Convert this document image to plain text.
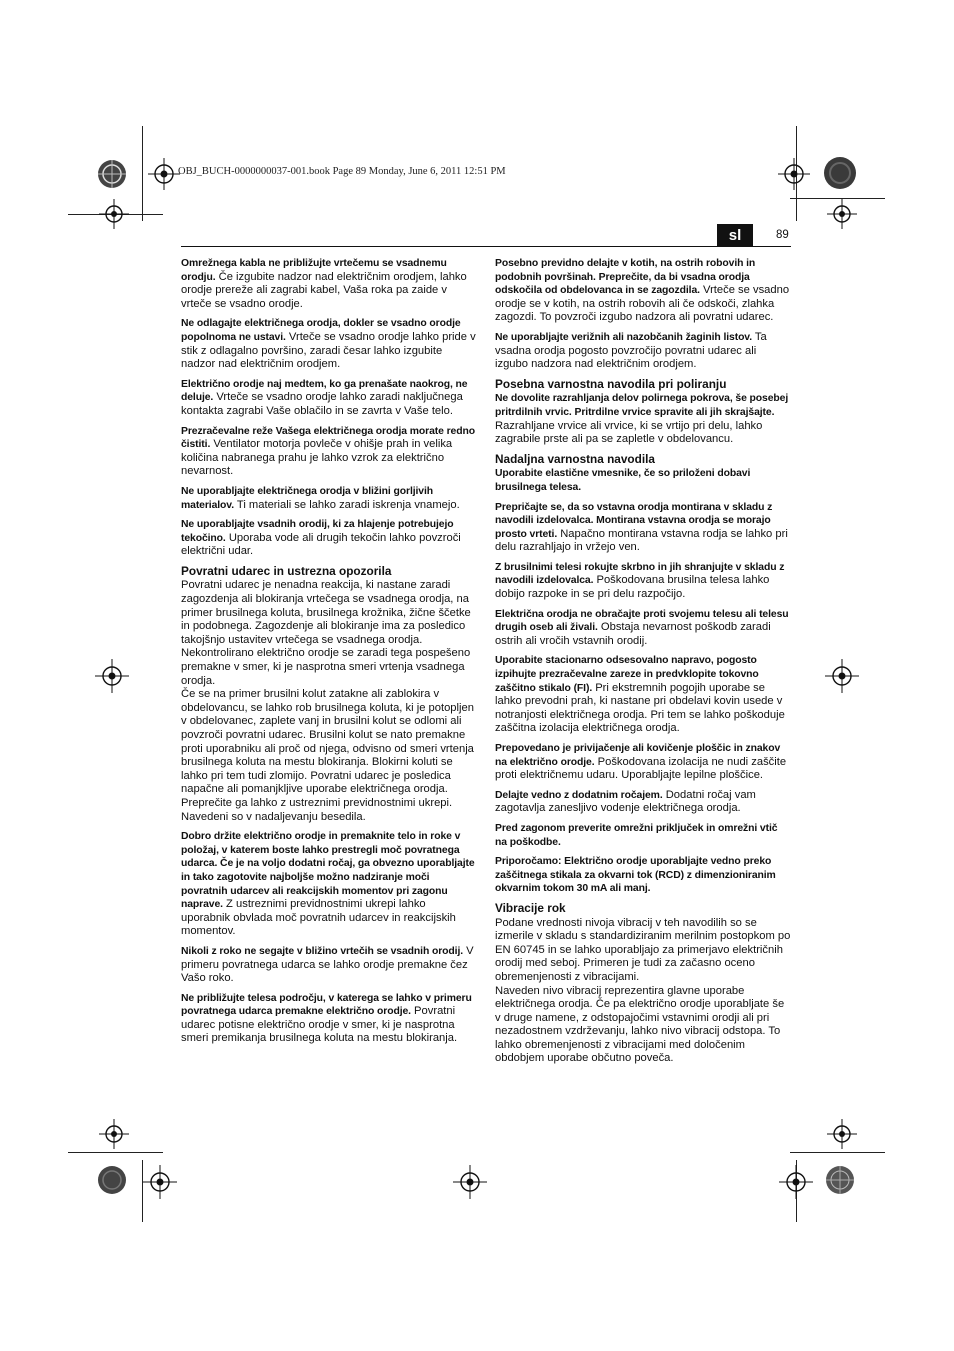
OBJ_BUCH-0000000037-001.book Page 89 Monday, June 6, 2011 12:51 PM
sl	89

Omrežnega kabla ne približujte vrtečemu se vsadnemu orodju. Če izgubite nadzor nad električnim orodjem, lahko orodje prereže ali zagrabi kabel, Vaša roka pa zaide v vrteče se vsadno orodje.

Ne odlagajte električnega orodja, dokler se vsadno orodje popolnoma ne ustavi. Vrteče se vsadno orodje lahko pride v stik z odlagalno površino, zaradi česar lahko izgubite nadzor nad električnim orodjem.

Električno orodje naj medtem, ko ga prenašate naokrog, ne deluje. Vrteče se vsadno orodje lahko zaradi naključnega kontakta zagrabi Vaše oblačilo in se zavrta v Vaše telo.

Prezračevalne reže Vašega električnega orodja morate redno čistiti. Ventilator motorja povleče v ohišje prah in velika količina nabranega prahu je lahko vzrok za električno nevarnost.

Ne uporabljajte električnega orodja v bližini gorljivih materialov. Ti materiali se lahko zaradi iskrenja vnamejo.

Ne uporabljajte vsadnih orodij, ki za hlajenje potrebujejo tekočino. Uporaba vode ali drugih tekočin lahko povzroči električni udar.

Povratni udarec in ustrezna opozorila

Povratni udarec je nenadna reakcija, ki nastane zaradi zagozdenja ali blokiranja vrtečega se vsadnega orodja, na primer brusilnega koluta, brusilnega krožnika, žične ščetke in podobnega. Zagozdenje ali blokiranje ima za posledico takojšnjo ustavitev vrtečega se vsadnega orodja. Nekontrolirano električno orodje se zaradi tega pospešeno premakne v smer, ki je nasprotna smeri vrtenja vsadnega orodja.

Če se na primer brusilni kolut zatakne ali zablokira v obdelovancu, se lahko rob brusilnega koluta, ki je potopljen v obdelovanec, zaplete vanj in brusilni kolut se odlomi ali povzroči povratni udarec. Brusilni kolut se nato premakne proti uporabniku ali proč od njega, odvisno od smeri vrtenja brusilnega koluta na mestu blokiranja. Blokirni koluti se lahko pri tem tudi zlomijo. Povratni udarec je posledica napačne ali pomanjkljive uporabe električnega orodja. Preprečite ga lahko z ustreznimi previdnostnimi ukrepi. Navedeni so v nadaljevanju besedila.

Dobro držite električno orodje in premaknite telo in roke v položaj, v katerem boste lahko prestregli moč povratnega udarca. Če je na voljo dodatni ročaj, ga obvezno uporabljajte in tako zagotovite najboljše možno nadziranje moči povratnih udarcev ali reakcijskih momentov pri zagonu naprave. Z ustreznimi previdnostnimi ukrepi lahko uporabnik obvlada moč povratnih udarcev in reakcijskih momentov.

Nikoli z roko ne segajte v bližino vrtečih se vsadnih orodij. V primeru povratnega udarca se lahko orodje premakne čez Vašo roko.

Ne približujte telesa področju, v katerega se lahko v primeru povratnega udarca premakne električno orodje. Povratni udarec potisne električno orodje v smer, ki je nasprotna smeri premikanja brusilnega koluta na mestu blokiranja.

Posebno previdno delajte v kotih, na ostrih robovih in podobnih površinah. Preprečite, da bi vsadna orodja odskočila od obdelovanca in se zagozdila. Vrteče se vsadno orodje se v kotih, na ostrih robovih ali če odskoči, zlahka zagozdi. To povzroči izgubo nadzora ali povratni udarec.

Ne uporabljajte verižnih ali nazobčanih žaginih listov. Ta vsadna orodja pogosto povzročijo povratni udarec ali izgubo nadzora nad električnim orodjem.

Posebna varnostna navodila pri poliranju

Ne dovolite razrahljanja delov polirnega pokrova, še posebej pritrdilnih vrvic. Pritrdilne vrvice spravite ali jih skrajšajte. Razrahljane vrvice ali vrvice, ki se vrtijo pri delu, lahko zagrabile prste ali pa se zapletle v obdelovancu.

Nadaljna varnostna navodila

Uporabite elastične vmesnike, če so priloženi dobavi brusilnega telesa.

Prepričajte se, da so vstavna orodja montirana v skladu z navodili izdelovalca. Montirana vstavna orodja se morajo prosto vrteti. Napačno montirana vstavna rodja se lahko pri delu razrahljajo in vržejo ven.

Z brusilnimi telesi rokujte skrbno in jih shranjujte v skladu z navodili izdelovalca. Poškodovana brusilna telesa lahko dobijo razpoke in se pri delu razpočijo.

Električna orodja ne obračajte proti svojemu telesu ali telesu drugih oseb ali živali. Obstaja nevarnost poškodb zaradi ostrih ali vročih vstavnih orodij.

Uporabite stacionarno odsesovalno napravo, pogosto izpihujte prezračevalne zareze in predvklopite tokovno zaščitno stikalo (FI). Pri ekstremnih pogojih uporabe se lahko prevodni prah, ki nastane pri obdelavi kovin usede v notranjosti električnega orodja. Pri tem se lahko poškoduje zaščitna izolacija električnega orodja.

Prepovedano je privijačenje ali kovičenje ploščic in znakov na električno orodje. Poškodovana izolacija ne nudi zaščite proti električnemu udaru. Uporabljajte lepilne ploščice.

Delajte vedno z dodatnim ročajem. Dodatni ročaj vam zagotavlja zanesljivo vodenje električnega orodja.

Pred zagonom preverite omrežni priključek in omrežni vtič na poškodbe.

Priporočamo: Električno orodje uporabljajte vedno preko zaščitnega stikala za okvarni tok (RCD) z dimenzioniranim okvarnim tokom 30 mA ali manj.

Vibracije rok

Podane vrednosti nivoja vibracij v teh navodilih so se izmerile v skladu s standardiziranim merilnim postopkom po EN 60745 in se lahko uporabljajo za primerjavo električnih orodij med seboj. Primeren je tudi za začasno oceno obremenjenosti z vibracijami.

Naveden nivo vibracij reprezentira glavne uporabe električnega orodja. Če pa električno orodje uporabljate še v druge namene, z odstopajočimi vstavnimi orodji ali pri nezadostnem vzdrževanju, lahko nivo vibracij odstopa. To lahko obremenjenosti z vibracijami med določenim obdobjem uporabe občutno poveča.
